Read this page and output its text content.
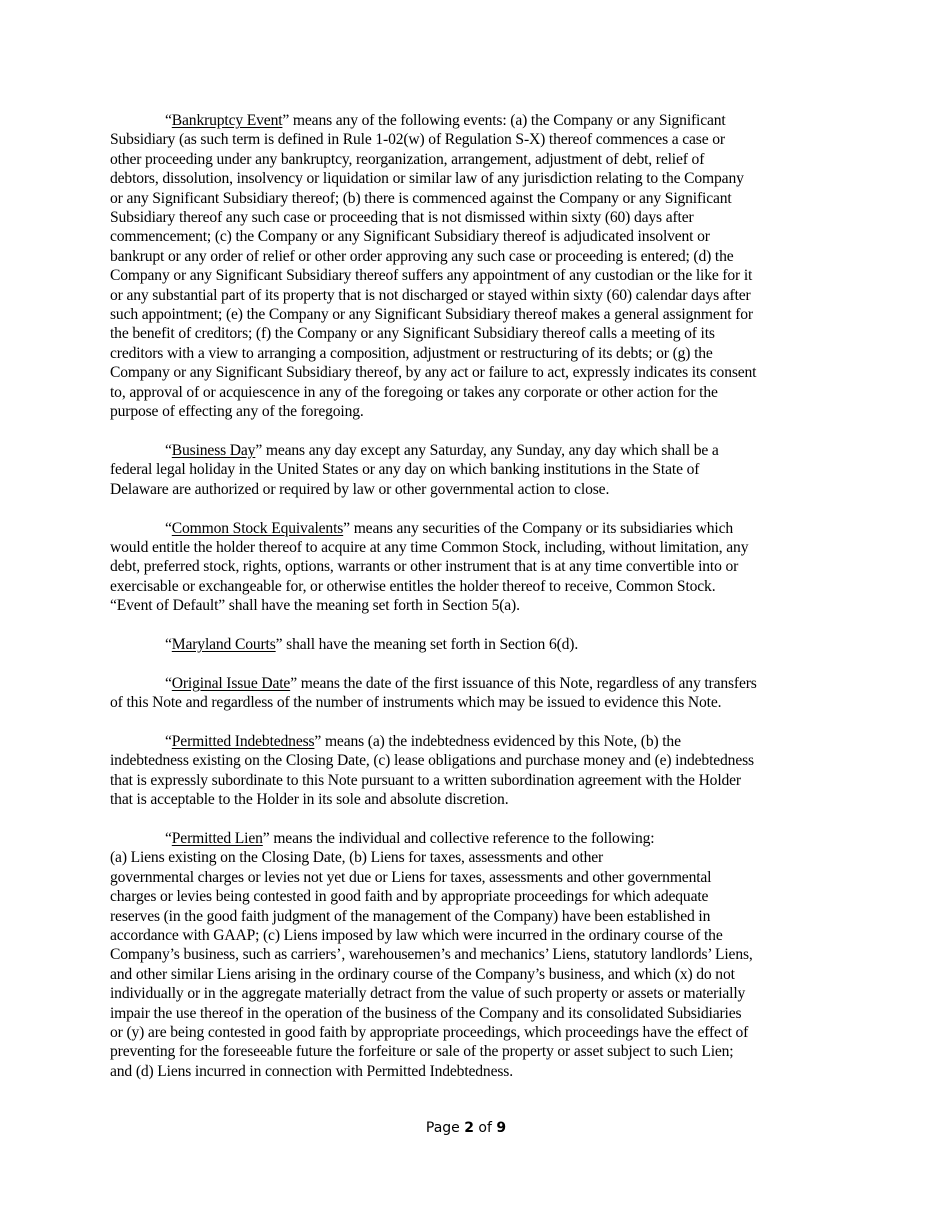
“Bankruptcy Event” means any of the following events: (a) the Company or any Significant
Subsidiary (as such term is defined in Rule 1-02(w) of Regulation S-X) thereof commences a case or
other proceeding under any bankruptcy, reorganization, arrangement, adjustment of debt, relief of
debtors, dissolution, insolvency or liquidation or similar law of any jurisdiction relating to the Company
or any Significant Subsidiary thereof; (b) there is commenced against the Company or any Significant
Subsidiary thereof any such case or proceeding that is not dismissed within sixty (60) days after
commencement; (c) the Company or any Significant Subsidiary thereof is adjudicated insolvent or
bankrupt or any order of relief or other order approving any such case or proceeding is entered; (d) the
Company or any Significant Subsidiary thereof suffers any appointment of any custodian or the like for it
or any substantial part of its property that is not discharged or stayed within sixty (60) calendar days after
such appointment; (e) the Company or any Significant Subsidiary thereof makes a general assignment for
the benefit of creditors; (f) the Company or any Significant Subsidiary thereof calls a meeting of its
creditors with a view to arranging a composition, adjustment or restructuring of its debts; or (g) the
Company or any Significant Subsidiary thereof, by any act or failure to act, expressly indicates its consent
to, approval of or acquiescence in any of the foregoing or takes any corporate or other action for the
purpose of effecting any of the foregoing.

“Business Day” means any day except any Saturday, any Sunday, any day which shall be a
federal legal holiday in the United States or any day on which banking institutions in the State of
Delaware are authorized or required by law or other governmental action to close.

“Common Stock Equivalents” means any securities of the Company or its subsidiaries which
would entitle the holder thereof to acquire at any time Common Stock, including, without limitation, any
debt, preferred stock, rights, options, warrants or other instrument that is at any time convertible into or
exercisable or exchangeable for, or otherwise entitles the holder thereof to receive, Common Stock.
“Event of Default” shall have the meaning set forth in Section 5(a).

“Maryland Courts” shall have the meaning set forth in Section 6(d).

“Original Issue Date” means the date of the first issuance of this Note, regardless of any transfers
of this Note and regardless of the number of instruments which may be issued to evidence this Note.

“Permitted Indebtedness” means (a) the indebtedness evidenced by this Note, (b) the
indebtedness existing on the Closing Date, (c) lease obligations and purchase money and (e) indebtedness
that is expressly subordinate to this Note pursuant to a written subordination agreement with the Holder
that is acceptable to the Holder in its sole and absolute discretion.

“Permitted Lien” means the individual and collective reference to the following:
(a) Liens existing on the Closing Date, (b) Liens for taxes, assessments and other
governmental charges or levies not yet due or Liens for taxes, assessments and other governmental
charges or levies being contested in good faith and by appropriate proceedings for which adequate
reserves (in the good faith judgment of the management of the Company) have been established in
accordance with GAAP; (c) Liens imposed by law which were incurred in the ordinary course of the
Company’s business, such as carriers’, warehousemen’s and mechanics’ Liens, statutory landlords’ Liens,
and other similar Liens arising in the ordinary course of the Company’s business, and which (x) do not
individually or in the aggregate materially detract from the value of such property or assets or materially
impair the use thereof in the operation of the business of the Company and its consolidated Subsidiaries
or (y) are being contested in good faith by appropriate proceedings, which proceedings have the effect of
preventing for the foreseeable future the forfeiture or sale of the property or asset subject to such Lien;
and (d) Liens incurred in connection with Permitted Indebtedness.

Page 2 of 9
